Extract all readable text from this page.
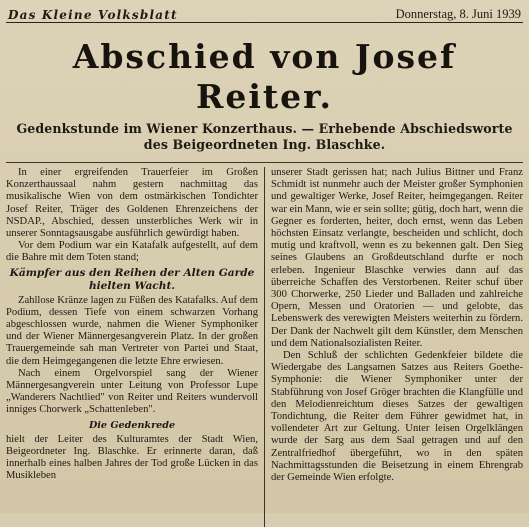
Das Kleine Volksblatt	Donnerstag, 8. Juni 1939
Abschied von Josef Reiter.
Gedenkstunde im Wiener Konzerthaus. — Erhebende Abschiedsworte
des Beigeordneten Ing. Blaschke.

In einer ergreifenden Trauerfeier im Großen Konzerthaussaal nahm gestern nachmittag das musikalische Wien von dem ostmärkischen Tondichter Josef Reiter, Träger des Goldenen Ehrenzeichens der NSDAP., Abschied, dessen unsterbliches Werk wir in unserer Sonntagsausgabe ausführlich gewürdigt haben.

Vor dem Podium war ein Katafalk aufgestellt, auf dem die Bahre mit dem Toten stand;

Kämpfer aus den Reihen der Alten Garde hielten Wacht.

Zahllose Kränze lagen zu Füßen des Katafalks. Auf dem Podium, dessen Tiefe von einem schwarzen Vorhang abgeschlossen wurde, nahmen die Wiener Symphoniker und der Wiener Männergesangverein Platz. In der großen Trauergemeinde sah man Vertreter von Partei und Staat, die dem Heimgegangenen die letzte Ehre erwiesen.

Nach einem Orgelvorspiel sang der Wiener Männergesangverein unter Leitung von Professor Lupe „Wanderers Nachtlied" von Reiter und Reiters wundervoll inniges Chorwerk „Schattenleben".

Die Gedenkrede

hielt der Leiter des Kulturamtes der Stadt Wien, Beigeordneter Ing. Blaschke. Er erinnerte daran, daß innerhalb eines halben Jahres der Tod große Lücken in das Musikleben

unserer Stadt gerissen hat; nach Julius Bittner und Franz Schmidt ist nunmehr auch der Meister großer Symphonien und gewaltiger Werke, Josef Reiter, heimgegangen. Reiter war ein Mann, wie er sein sollte; gütig, doch hart, wenn die Gegner es forderten, heiter, doch ernst, wenn das Leben höchsten Einsatz verlangte, bescheiden und schlicht, doch mutig und kraftvoll, wenn es zu bekennen galt. Den Sieg seines Glaubens an Großdeutschland durfte er noch erleben. Ingenieur Blaschke verwies dann auf das überreiche Schaffen des Verstorbenen. Reiter schuf über 300 Chorwerke, 250 Lieder und Balladen und zahlreiche Opern, Messen und Oratorien — und gelobte, das Lebenswerk des verewigten Meisters weiterhin zu fördern. Der Dank der Nachwelt gilt dem Künstler, dem Menschen und dem Nationalsozialisten Reiter.

Den Schluß der schlichten Gedenkfeier bildete die Wiedergabe des Langsamen Satzes aus Reiters Goethe-Symphonie: die Wiener Symphoniker unter der Stabführung von Josef Gröger brachten die Klangfülle und den Melodienreichtum dieses Satzes der gewaltigen Tondichtung, die Reiter dem Führer gewidmet hat, in vollendeter Art zur Geltung. Unter leisen Orgelklängen wurde der Sarg aus dem Saal getragen und auf den Zentralfriedhof übergeführt, wo in den späten Nachmittagsstunden die Beisetzung in einem Ehrengrab der Gemeinde Wien erfolgte.
